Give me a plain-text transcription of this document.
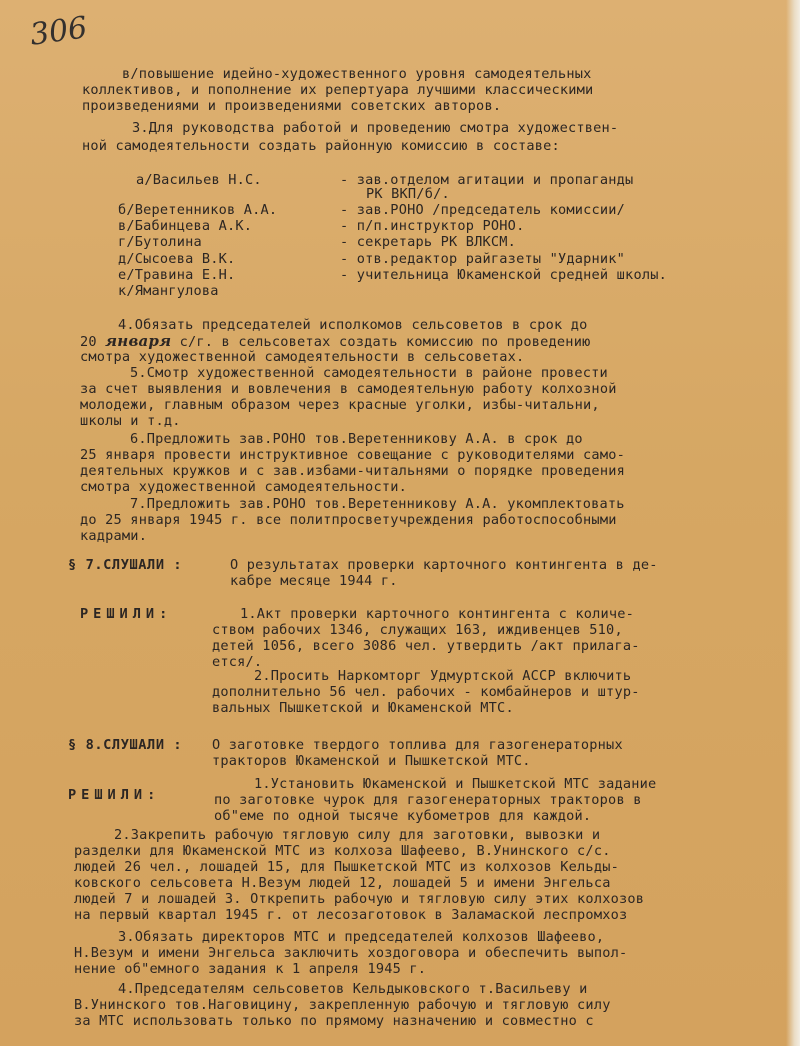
306
в/повышение идейно-художественного уровня самодеятельных
коллективов, и пополнение их репертуара лучшими классическими
произведениями и произведениями советских авторов.
3.Для руководства работой и проведению смотра художествен-
ной самодеятельности создать районную комиссию в составе:
а/Васильев Н.С.	- зав.отделом агитации и пропаганды
РК ВКП/б/.
б/Веретенников А.А.	- зав.РОНО /председатель комиссии/
в/Бабинцева А.К.	- п/п.инструктор РОНО.
г/Бутолина	- секретарь РК ВЛКСМ.
д/Сысоева В.К.	- отв.редактор райгазеты "Ударник"
е/Травина Е.Н.	- учительница Юкаменской средней школы.
к/Ямангулова
4.Обязать председателей исполкомов сельсоветов в срок до
20 января с/г. в сельсоветах создать комиссию по проведению
смотра художественной самодеятельности в сельсоветах.
5.Смотр художественной самодеятельности в районе провести
за счет выявления и вовлечения в самодеятельную работу колхозной
молодежи, главным образом через красные уголки, избы-читальни,
школы и т.д.
6.Предложить зав.РОНО тов.Веретенникову А.А. в срок до
25 января провести инструктивное совещание с руководителями само-
деятельных кружков и с зав.избами-читальнями о порядке проведения
смотра художественной самодеятельности.
7.Предложить зав.РОНО тов.Веретенникову А.А. укомплектовать
до 25 января 1945 г. все политпросветучреждения работоспособными
кадрами.
§ 7.СЛУШАЛИ :	О результатах проверки карточного контингента в де-
кабре месяце 1944 г.
РЕШИЛИ:	1.Акт проверки карточного контингента с количе-
ством рабочих 1346, служащих 163, иждивенцев 510,
детей 1056, всего 3086 чел. утвердить /акт прилага-
ется/.
2.Просить Наркомторг Удмуртской АССР включить
дополнительно 56 чел. рабочих - комбайнеров и штур-
вальных Пышкетской и Юкаменской МТС.
§ 8.СЛУШАЛИ : О заготовке твердого топлива для газогенераторных
тракторов Юкаменской и Пышкетской МТС.
РЕШИЛИ:
1.Установить Юкаменской и Пышкетской МТС задание
по заготовке чурок для газогенераторных тракторов в
об"еме по одной тысяче кубометров для каждой.
2.Закрепить рабочую тягловую силу для заготовки, вывозки и
разделки для Юкаменской МТС из колхоза Шафеево, В.Унинского с/с.
людей 26 чел., лошадей 15, для Пышкетской МТС из колхозов Кельды-
ковского сельсовета Н.Везум людей 12, лошадей 5 и имени Энгельса
людей 7 и лошадей 3. Открепить рабочую и тягловую силу этих колхозов
на первый квартал 1945 г. от лесозаготовок в Заламаской леспромхоз
3.Обязать директоров МТС и председателей колхозов Шафеево,
Н.Везум и имени Энгельса заключить хоздоговора и обеспечить выпол-
нение об"емного задания к 1 апреля 1945 г.
4.Председателям сельсоветов Кельдыковского т.Васильеву и
В.Унинского тов.Наговицину, закрепленную рабочую и тягловую силу
за МТС использовать только по прямому назначению и совместно с
